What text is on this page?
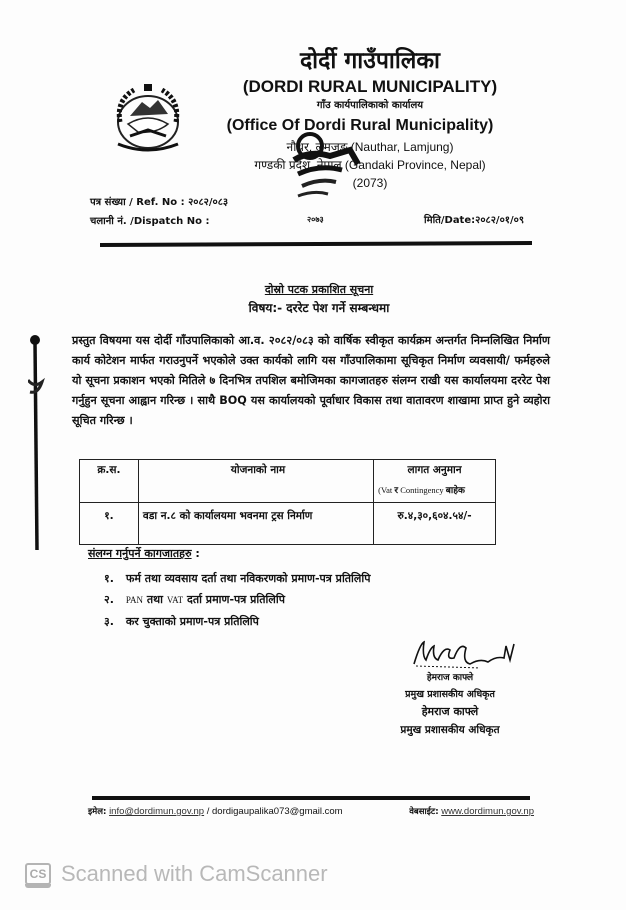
दोर्दी गाउँपालिका
(DORDI RURAL MUNICIPALITY)
गाँउ कार्यपालिकाको कार्यालय
(Office Of Dordi Rural Municipality)
नौथर, लमजुङ (Nauthar, Lamjung)
गण्डकी प्रदेश, नेपाल (Gandaki Province, Nepal)
(2073)
२०७३
पत्र संख्या / Ref. No : २०८२/०८३
चलानी नं. /Dispatch No :	मिति/Date:२०८२/०१/०९
दोस्रो पटक प्रकाशित सूचना
विषय:- दररेट पेश गर्ने सम्बन्धमा

प्रस्तुत विषयमा यस दोर्दी गाँउपालिकाको आ.व. २०८२/०८३ को वार्षिक स्वीकृत कार्यक्रम अन्तर्गत निम्नलिखित निर्माण कार्य कोटेशन मार्फत गराउनुपर्ने भएकोले उक्त कार्यको लागि यस गाँउपालिकामा सूचिकृत निर्माण व्यवसायी/ फर्महरुले यो सूचना प्रकाशन भएको मितिले ७ दिनभित्र तपशिल बमोजिमका कागजातहरु संलग्न राखी यस कार्यालयमा दररेट पेश गर्नुहुन सूचना आह्वान गरिन्छ । साथै BOQ यस कार्यालयको पूर्वाधार विकास तथा वातावरण शाखामा प्राप्त हुने व्यहोरा सूचित गरिन्छ ।

क्र.स.	योजनाको नाम	लागत अनुमान
(Vat र Contingency बाहेक

१.	वडा न.८ को कार्यालयमा भवनमा ट्रस निर्माण	रु.४,३०,६०४.५४/-
संलग्न गर्नुपर्ने कागजातहरु :
१. फर्म तथा व्यवसाय दर्ता तथा नविकरणको प्रमाण-पत्र प्रतिलिपि
२. PAN तथा VAT दर्ता प्रमाण-पत्र प्रतिलिपि
३. कर चुक्ताको प्रमाण-पत्र प्रतिलिपि
हेमराज काफ्ले
प्रमुख प्रशासकीय अधिकृत
हेमराज काफ्ले
प्रमुख प्रशासकीय अधिकृत
इमेल: info@dordimun.gov.np / dordigaupalika073@gmail.com	वेबसाईट: www.dordimun.gov.np
CS Scanned with CamScanner
